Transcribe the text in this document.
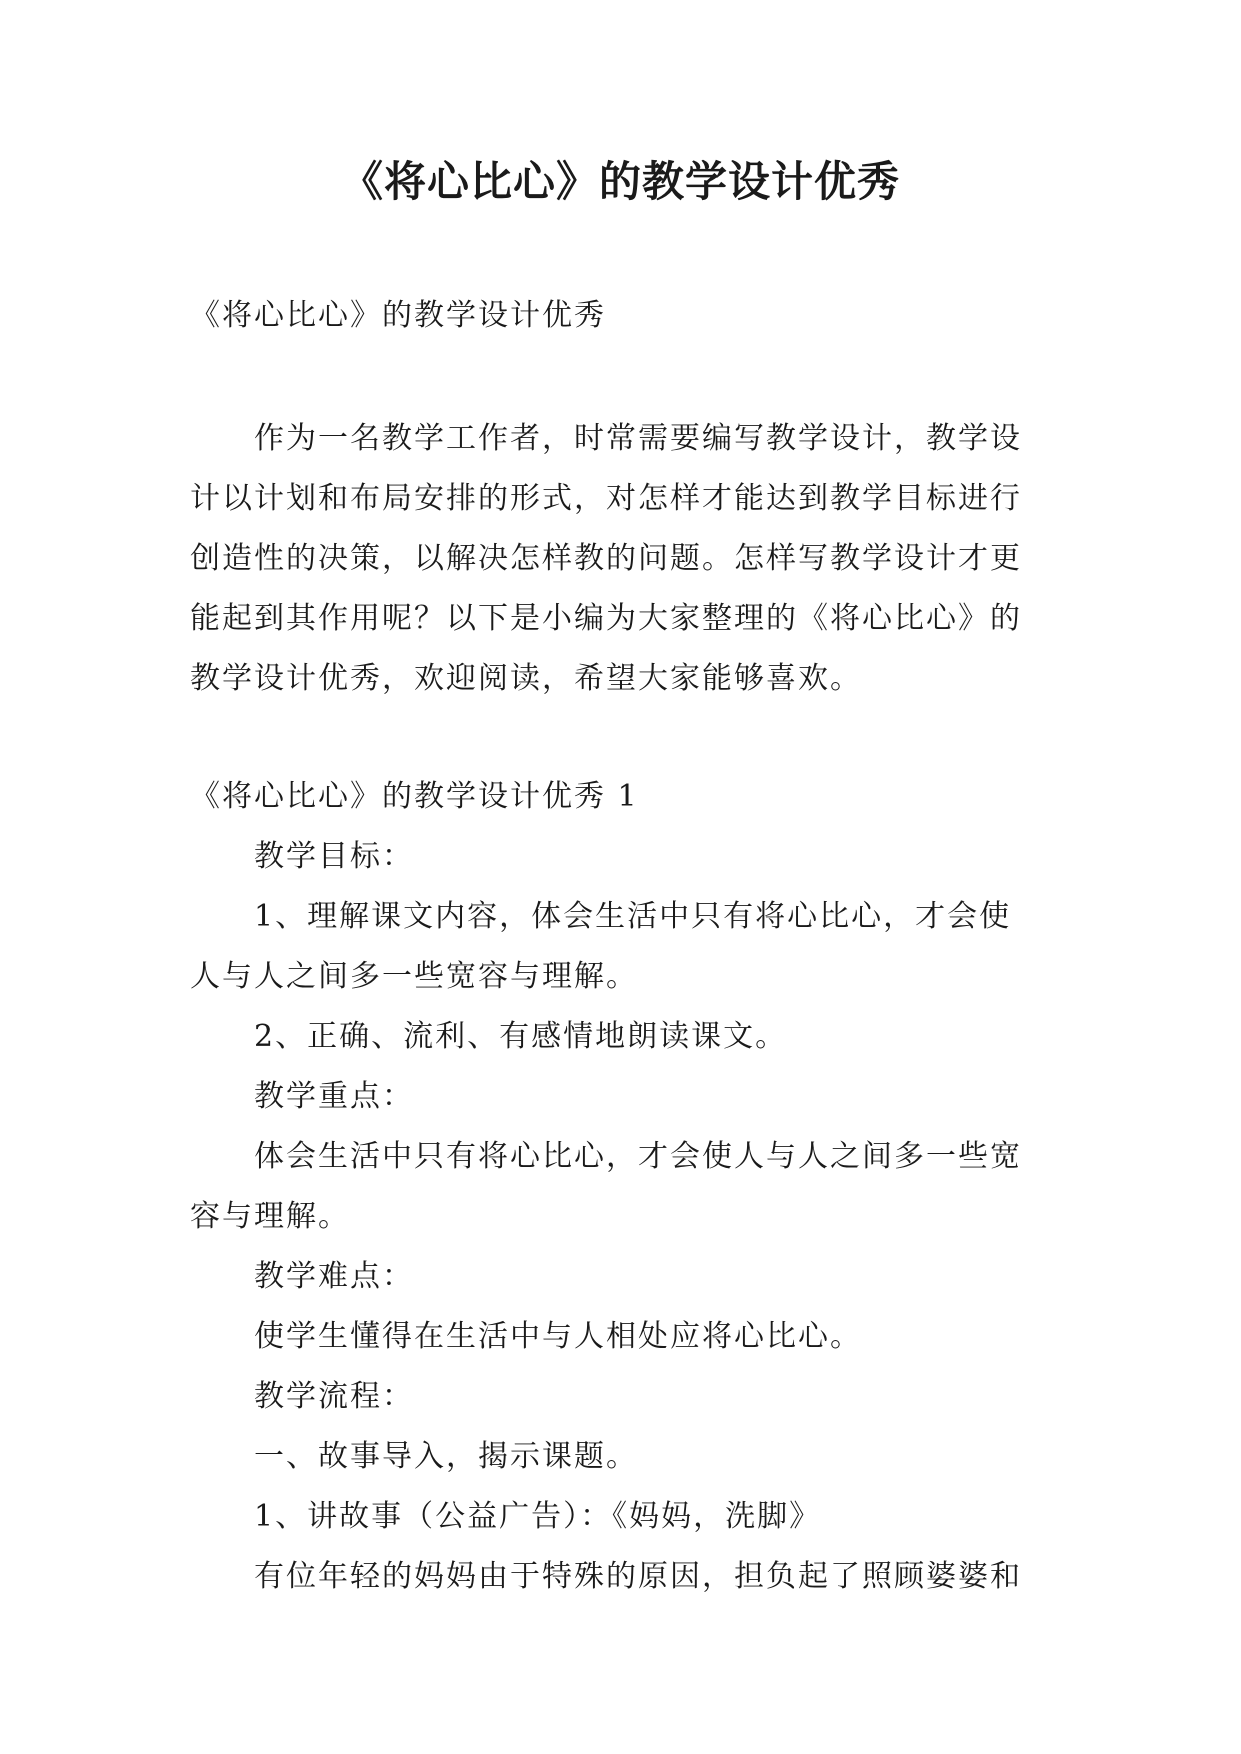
《将心比心》的教学设计优秀

《将心比心》的教学设计优秀

作为一名教学工作者，时常需要编写教学设计，教学设

计以计划和布局安排的形式，对怎样才能达到教学目标进行

创造性的决策，以解决怎样教的问题。怎样写教学设计才更

能起到其作用呢？以下是小编为大家整理的《将心比心》的

教学设计优秀，欢迎阅读，希望大家能够喜欢。

《将心比心》的教学设计优秀 1

教学目标：

1、理解课文内容，体会生活中只有将心比心，才会使

人与人之间多一些宽容与理解。

2、正确、流利、有感情地朗读课文。

教学重点：

体会生活中只有将心比心，才会使人与人之间多一些宽

容与理解。

教学难点：

使学生懂得在生活中与人相处应将心比心。

教学流程：

一、故事导入，揭示课题。

1、讲故事（公益广告）：《妈妈，洗脚》

有位年轻的妈妈由于特殊的原因，担负起了照顾婆婆和
